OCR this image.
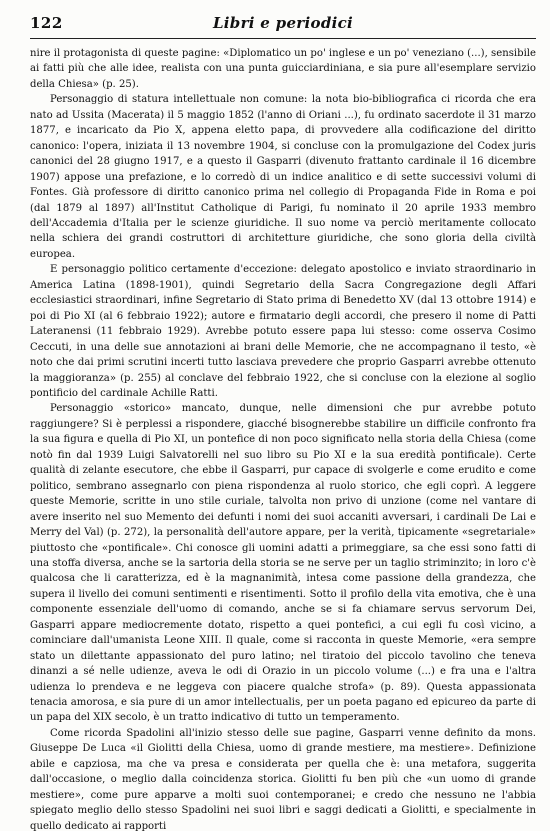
122	Libri e periodici

nire il protagonista di queste pagine: «Diplomatico un po' inglese e un po' veneziano (...), sensibile ai fatti più che alle idee, realista con una punta guicciardiniana, e sia pure all'esemplare servizio della Chiesa» (p. 25).

Personaggio di statura intellettuale non comune: la nota bio-bibliografica ci ricorda che era nato ad Ussita (Macerata) il 5 maggio 1852 (l'anno di Oriani ...), fu ordinato sacerdote il 31 marzo 1877, e incaricato da Pio X, appena eletto papa, di provvedere alla codificazione del diritto canonico: l'opera, iniziata il 13 novembre 1904, si concluse con la promulgazione del Codex juris canonici del 28 giugno 1917, e a questo il Gasparri (divenuto frattanto cardinale il 16 dicembre 1907) appose una prefazione, e lo corredò di un indice analitico e di sette successivi volumi di Fontes. Già professore di diritto canonico prima nel collegio di Propaganda Fide in Roma e poi (dal 1879 al 1897) all'Institut Catholique di Parigi, fu nominato il 20 aprile 1933 membro dell'Accademia d'Italia per le scienze giuridiche. Il suo nome va perciò meritamente collocato nella schiera dei grandi costruttori di architetture giuridiche, che sono gloria della civiltà europea.

E personaggio politico certamente d'eccezione: delegato apostolico e inviato straordinario in America Latina (1898-1901), quindi Segretario della Sacra Congregazione degli Affari ecclesiastici straordinari, infine Segretario di Stato prima di Benedetto XV (dal 13 ottobre 1914) e poi di Pio XI (al 6 febbraio 1922); autore e firmatario degli accordi, che presero il nome di Patti Lateranensi (11 febbraio 1929). Avrebbe potuto essere papa lui stesso: come osserva Cosimo Ceccuti, in una delle sue annotazioni ai brani delle Memorie, che ne accompagnano il testo, «è noto che dai primi scrutini incerti tutto lasciava prevedere che proprio Gasparri avrebbe ottenuto la maggioranza» (p. 255) al conclave del febbraio 1922, che si concluse con la elezione al soglio pontificio del cardinale Achille Ratti.

Personaggio «storico» mancato, dunque, nelle dimensioni che pur avrebbe potuto raggiungere? Si è perplessi a rispondere, giacché bisognerebbe stabilire un difficile confronto fra la sua figura e quella di Pio XI, un pontefice di non poco significato nella storia della Chiesa (come notò fin dal 1939 Luigi Salvatorelli nel suo libro su Pio XI e la sua eredità pontificale). Certe qualità di zelante esecutore, che ebbe il Gasparri, pur capace di svolgerle e come erudito e come politico, sembrano assegnarlo con piena rispondenza al ruolo storico, che egli coprì. A leggere queste Memorie, scritte in uno stile curiale, talvolta non privo di unzione (come nel vantare di avere inserito nel suo Memento dei defunti i nomi dei suoi accaniti avversari, i cardinali De Lai e Merry del Val) (p. 272), la personalità dell'autore appare, per la verità, tipicamente «segretariale» piuttosto che «pontificale». Chi conosce gli uomini adatti a primeggiare, sa che essi sono fatti di una stoffa diversa, anche se la sartoria della storia se ne serve per un taglio striminzito; in loro c'è qualcosa che li caratterizza, ed è la magnanimità, intesa come passione della grandezza, che supera il livello dei comuni sentimenti e risentimenti. Sotto il profilo della vita emotiva, che è una componente essenziale dell'uomo di comando, anche se si fa chiamare servus servorum Dei, Gasparri appare mediocremente dotato, rispetto a quei pontefici, a cui egli fu così vicino, a cominciare dall'umanista Leone XIII. Il quale, come si racconta in queste Memorie, «era sempre stato un dilettante appassionato del puro latino; nel tiratoio del piccolo tavolino che teneva dinanzi a sé nelle udienze, aveva le odi di Orazio in un piccolo volume (...) e fra una e l'altra udienza lo prendeva e ne leggeva con piacere qualche strofa» (p. 89). Questa appassionata tenacia amorosa, e sia pure di un amor intellectualis, per un poeta pagano ed epicureo da parte di un papa del XIX secolo, è un tratto indicativo di tutto un temperamento.

Come ricorda Spadolini all'inizio stesso delle sue pagine, Gasparri venne definito da mons. Giuseppe De Luca «il Giolitti della Chiesa, uomo di grande mestiere, ma mestiere». Definizione abile e capziosa, ma che va presa e considerata per quella che è: una metafora, suggerita dall'occasione, o meglio dalla coincidenza storica. Giolitti fu ben più che «un uomo di grande mestiere», come pure apparve a molti suoi contemporanei; e credo che nessuno ne l'abbia spiegato meglio dello stesso Spadolini nei suoi libri e saggi dedicati a Giolitti, e specialmente in quello dedicato ai rapporti
